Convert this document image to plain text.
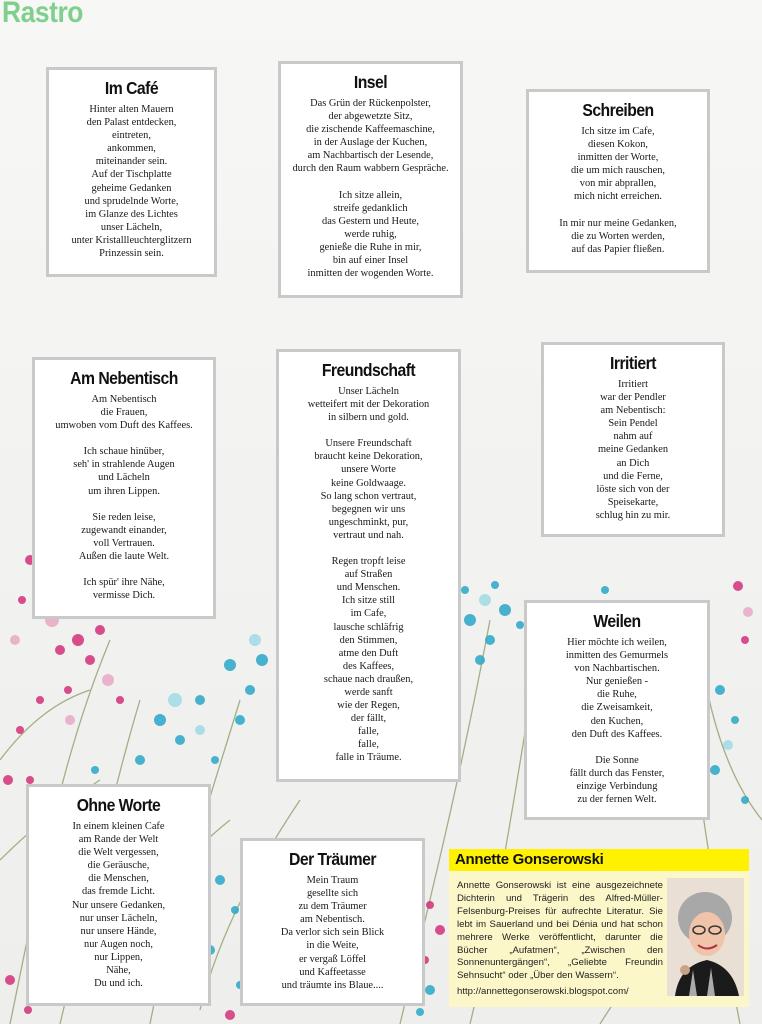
Rastro
Im Café
Hinter alten Mauern
den Palast entdecken,
eintreten,
ankommen,
miteinander sein.
Auf der Tischplatte
geheime Gedanken
und sprudelnde Worte,
im Glanze des Lichtes
unser Lächeln,
unter Kristallleuchterglitzern
Prinzessin sein.
Insel
Das Grün der Rückenpolster,
der abgewetzte Sitz,
die zischende Kaffeemaschine,
in der Auslage der Kuchen,
am Nachbartisch der Lesende,
durch den Raum wabbern Gespräche.
Ich sitze allein,
streife gedanklich
das Gestern und Heute,
werde ruhig,
genieße die Ruhe in mir,
bin auf einer Insel
inmitten der wogenden Worte.
Schreiben
Ich sitze im Cafe,
diesen Kokon,
inmitten der Worte,
die um mich rauschen,
von mir abprallen,
mich nicht erreichen.
In mir nur meine Gedanken,
die zu Worten werden,
auf das Papier fließen.
Am Nebentisch
Am Nebentisch
die Frauen,
umwoben vom Duft des Kaffees.
Ich schaue hinüber,
seh' in strahlende Augen
und Lächeln
um ihren Lippen.
Sie reden leise,
zugewandt einander,
voll Vertrauen.
Außen die laute Welt.
Ich spür' ihre Nähe,
vermisse Dich.
Freundschaft
Unser Lächeln
wetteifert mit der Dekoration
in silbern und gold.
Unsere Freundschaft
braucht keine Dekoration,
unsere Worte
keine Goldwaage.
So lang schon vertraut,
begegnen wir uns
ungeschminkt, pur,
vertraut und nah.
Regen tropft leise
auf Straßen
und Menschen.
Ich sitze still
im Cafe,
lausche schläfrig
den Stimmen,
atme den Duft
des Kaffees,
schaue nach draußen,
werde sanft
wie der Regen,
der fällt,
falle,
falle,
falle in Träume.
Irritiert
Irritiert
war der Pendler
am Nebentisch:
Sein Pendel
nahm auf
meine Gedanken
an Dich
und die Ferne,
löste sich von der
Speisekarte,
schlug hin zu mir.
Weilen
Hier möchte ich weilen,
inmitten des Gemurmels
von Nachbartischen.
Nur genießen -
die Ruhe,
die Zweisamkeit,
den Kuchen,
den Duft des Kaffees.
Die Sonne
fällt durch das Fenster,
einzige Verbindung
zu der fernen Welt.
Ohne Worte
In einem kleinen Cafe
am Rande der Welt
die Welt vergessen,
die Geräusche,
die Menschen,
das fremde Licht.
Nur unsere Gedanken,
nur unser Lächeln,
nur unsere Hände,
nur Augen noch,
nur Lippen,
Nähe,
Du und ich.
Der Träumer
Mein Traum
gesellte sich
zu dem Träumer
am Nebentisch.
Da verlor sich sein Blick
in die Weite,
er vergaß Löffel
und Kaffeetasse
und träumte ins Blaue....
Annette Gonserowski
Annette Gonserowski ist eine ausgezeichnete Dichterin und Trägerin des Alfred-Müller-Felsenburg-Preises für aufrechte Literatur. Sie lebt im Sauerland und bei Dénia und hat schon mehrere Werke veröffentlicht, darunter die Bücher „Aufatmen“, „Zwischen den Sonnenuntergängen“, „Geliebte Freundin Sehnsucht“ oder „Über den Wassern“.
http://annettegonserowski.blogspot.com/
